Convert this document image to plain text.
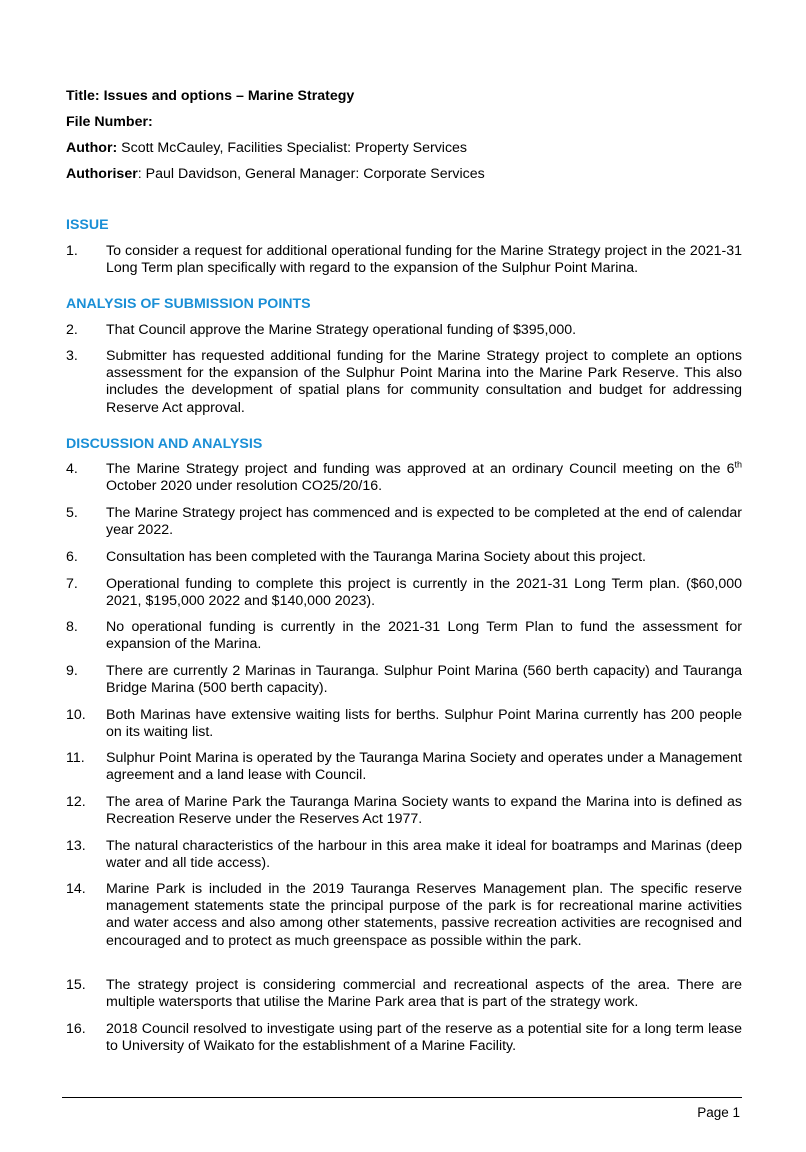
Title: Issues and options – Marine Strategy
File Number:
Author: Scott McCauley, Facilities Specialist: Property Services
Authoriser: Paul Davidson, General Manager: Corporate Services
ISSUE
1.	To consider a request for additional operational funding for the Marine Strategy project in the 2021-31 Long Term plan specifically with regard to the expansion of the Sulphur Point Marina.
ANALYSIS OF SUBMISSION POINTS
2.	That Council approve the Marine Strategy operational funding of $395,000.
3.	Submitter has requested additional funding for the Marine Strategy project to complete an options assessment for the expansion of the Sulphur Point Marina into the Marine Park Reserve. This also includes the development of spatial plans for community consultation and budget for addressing Reserve Act approval.
DISCUSSION AND ANALYSIS
4.	The Marine Strategy project and funding was approved at an ordinary Council meeting on the 6th October 2020 under resolution CO25/20/16.
5.	The Marine Strategy project has commenced and is expected to be completed at the end of calendar year 2022.
6.	Consultation has been completed with the Tauranga Marina Society about this project.
7.	Operational funding to complete this project is currently in the 2021-31 Long Term plan. ($60,000 2021, $195,000 2022 and $140,000 2023).
8.	No operational funding is currently in the 2021-31 Long Term Plan to fund the assessment for expansion of the Marina.
9.	There are currently 2 Marinas in Tauranga. Sulphur Point Marina (560 berth capacity) and Tauranga Bridge Marina (500 berth capacity).
10.	Both Marinas have extensive waiting lists for berths. Sulphur Point Marina currently has 200 people on its waiting list.
11.	Sulphur Point Marina is operated by the Tauranga Marina Society and operates under a Management agreement and a land lease with Council.
12.	The area of Marine Park the Tauranga Marina Society wants to expand the Marina into is defined as Recreation Reserve under the Reserves Act 1977.
13.	The natural characteristics of the harbour in this area make it ideal for boatramps and Marinas (deep water and all tide access).
14.	Marine Park is included in the 2019 Tauranga Reserves Management plan. The specific reserve management statements state the principal purpose of the park is for recreational marine activities and water access and also among other statements, passive recreation activities are recognised and encouraged and to protect as much greenspace as possible within the park.
15.	The strategy project is considering commercial and recreational aspects of the area. There are multiple watersports that utilise the Marine Park area that is part of the strategy work.
16.	2018 Council resolved to investigate using part of the reserve as a potential site for a long term lease to University of Waikato for the establishment of a Marine Facility.
Page 1
